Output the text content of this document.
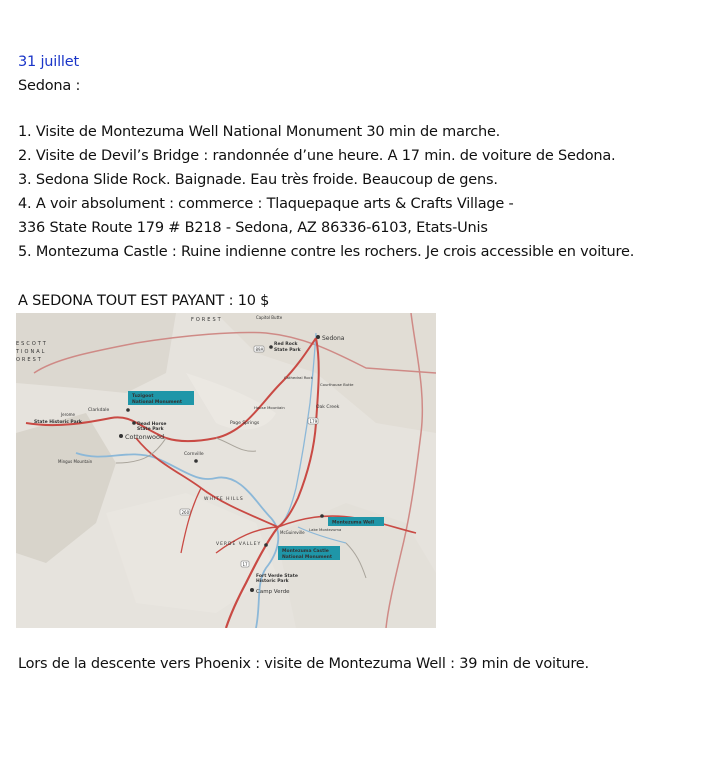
31 juillet
Sedona :
1. Visite de Montezuma Well National Monument 30 min de marche.
2. Visite de Devil’s Bridge : randonnée d’une heure. A 17 min. de voiture de Sedona.
3. Sedona Slide Rock. Baignade. Eau très froide. Beaucoup de gens.
4. A voir absolument : commerce : Tlaquepaque arts & Crafts Village -
336 State Route 179 # B218 - Sedona, AZ 86336-6103, Etats-Unis
5. Montezuma Castle : Ruine indienne contre les rochers. Je crois accessible en voiture.
A SEDONA TOUT EST PAYANT : 10 $
FOREST
ESCOTT
TIONAL
OREST
Capitol Butte
Sedona
Red Rock
State Park
Tuzigoot
National Monument
Clarkdale
Jerome
State Historic Park	Dead Horse
State Park
Cottonwood
Page Springs
Cathedral Rock
Courthouse Butte
Oak Creek
House Mountain
Mingus Mountain
Cornville
WHITE HILLS
VERDE VALLEY
Montezuma Well
McGuireville
Lake Montezuma
Montezuma Castle
National Monument
Fort Verde State
Historic Park
Camp Verde
89A
260
179
17
Lors de la descente vers Phoenix : visite de Montezuma Well : 39 min de voiture.
